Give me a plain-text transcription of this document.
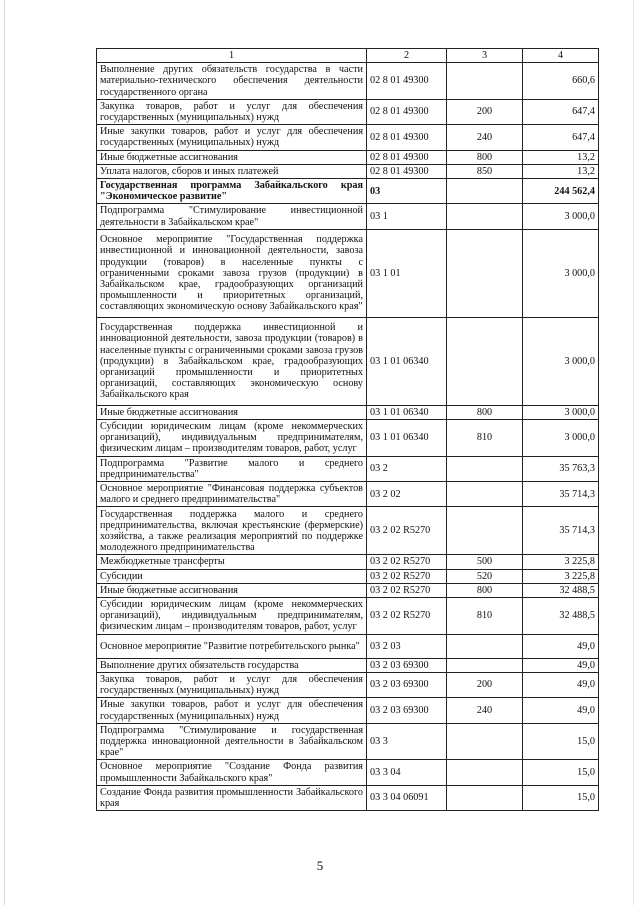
1	2	3	4
Выполнение других обязательств государства в части материально-технического обеспечения деятельности государственного органа	02 8 01 49300		660,6
Закупка товаров, работ и услуг для обеспечения государственных (муниципальных) нужд	02 8 01 49300	200	647,4
Иные закупки товаров, работ и услуг для обеспечения государственных (муниципальных) нужд	02 8 01 49300	240	647,4
Иные бюджетные ассигнования	02 8 01 49300	800	13,2
Уплата налогов, сборов и иных платежей	02 8 01 49300	850	13,2
Государственная программа Забайкальского края "Экономическое развитие"	03		244 562,4
Подпрограмма "Стимулирование инвестиционной деятельности в Забайкальском крае"	03 1		3 000,0
Основное мероприятие "Государственная поддержка инвестиционной и инновационной деятельности, завоза продукции (товаров) в населенные пункты с ограниченными сроками завоза грузов (продукции) в Забайкальском крае, градообразующих организаций промышленности и приоритетных организаций, составляющих экономическую основу Забайкальского края"	03 1 01		3 000,0
Государственная поддержка инвестиционной и инновационной деятельности, завоза продукции (товаров) в населенные пункты с ограниченными сроками завоза грузов (продукции) в Забайкальском крае, градообразующих организаций промышленности и приоритетных организаций, составляющих экономическую основу Забайкальского края	03 1 01 06340		3 000,0
Иные бюджетные ассигнования	03 1 01 06340	800	3 000,0
Субсидии юридическим лицам (кроме некоммерческих организаций), индивидуальным предпринимателям, физическим лицам – производителям товаров, работ, услуг	03 1 01 06340	810	3 000,0
Подпрограмма "Развитие малого и среднего предпринимательства"	03 2		35 763,3
Основное мероприятие "Финансовая поддержка субъектов малого и среднего предпринимательства"	03 2 02		35 714,3
Государственная поддержка малого и среднего предпринимательства, включая крестьянские (фермерские) хозяйства, а также реализация мероприятий по поддержке молодежного предпринимательства	03 2 02 R5270		35 714,3
Межбюджетные трансферты	03 2 02 R5270	500	3 225,8
Субсидии	03 2 02 R5270	520	3 225,8
Иные бюджетные ассигнования	03 2 02 R5270	800	32 488,5
Субсидии юридическим лицам (кроме некоммерческих организаций), индивидуальным предпринимателям, физическим лицам – производителям товаров, работ, услуг	03 2 02 R5270	810	32 488,5
Основное мероприятие "Развитие потребительского рынка"	03 2 03		49,0
Выполнение других обязательств государства	03 2 03 69300		49,0
Закупка товаров, работ и услуг для обеспечения государственных (муниципальных) нужд	03 2 03 69300	200	49,0
Иные закупки товаров, работ и услуг для обеспечения государственных (муниципальных) нужд	03 2 03 69300	240	49,0
Подпрограмма "Стимулирование и государственная поддержка инновационной деятельности в Забайкальском крае"	03 3		15,0
Основное мероприятие "Создание Фонда развития промышленности Забайкальского края"	03 3 04		15,0
Создание Фонда развития промышленности Забайкальского края	03 3 04 06091		15,0
5
